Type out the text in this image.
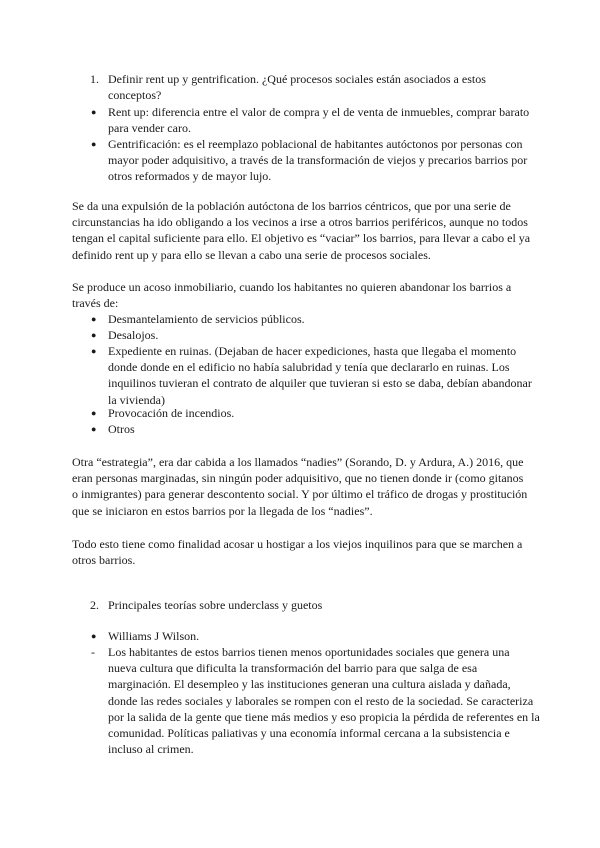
1. Definir rent up y gentrification. ¿Qué procesos sociales están asociados a estos conceptos?
● Rent up: diferencia entre el valor de compra y el de venta de inmuebles, comprar barato para vender caro.
● Gentrificación: es el reemplazo poblacional de habitantes autóctonos por personas con mayor poder adquisitivo, a través de la transformación de viejos y precarios barrios por otros reformados y de mayor lujo.

Se da una expulsión de la población autóctona de los barrios céntricos, que por una serie de circunstancias ha ido obligando a los vecinos a irse a otros barrios periféricos, aunque no todos tengan el capital suficiente para ello. El objetivo es “vaciar” los barrios, para llevar a cabo el ya definido rent up y para ello se llevan a cabo una serie de procesos sociales.

Se produce un acoso inmobiliario, cuando los habitantes no quieren abandonar los barrios a través de:

● Desmantelamiento de servicios públicos.
● Desalojos.
● Expediente en ruinas. (Dejaban de hacer expediciones, hasta que llegaba el momento donde donde en el edificio no había salubridad y tenía que declararlo en ruinas. Los inquilinos tuvieran el contrato de alquiler que tuvieran si esto se daba, debían abandonar la vivienda)
● Provocación de incendios.
● Otros

Otra “estrategia”, era dar cabida a los llamados “nadies” (Sorando, D. y Ardura, A.) 2016, que eran personas marginadas, sin ningún poder adquisitivo, que no tienen donde ir (como gitanos o inmigrantes) para generar descontento social. Y por último el tráfico de drogas y prostitución que se iniciaron en estos barrios por la llegada de los “nadies”.

Todo esto tiene como finalidad acosar u hostigar a los viejos inquilinos para que se marchen a otros barrios.

2. Principales teorías sobre underclass y guetos
● Williams J Wilson.
- Los habitantes de estos barrios tienen menos oportunidades sociales que genera una nueva cultura que dificulta la transformación del barrio para que salga de esa marginación. El desempleo y las instituciones generan una cultura aislada y dañada, donde las redes sociales y laborales se rompen con el resto de la sociedad. Se caracteriza por la salida de la gente que tiene más medios y eso propicia la pérdida de referentes en la comunidad. Políticas paliativas y una economía informal cercana a la subsistencia e incluso al crimen.
